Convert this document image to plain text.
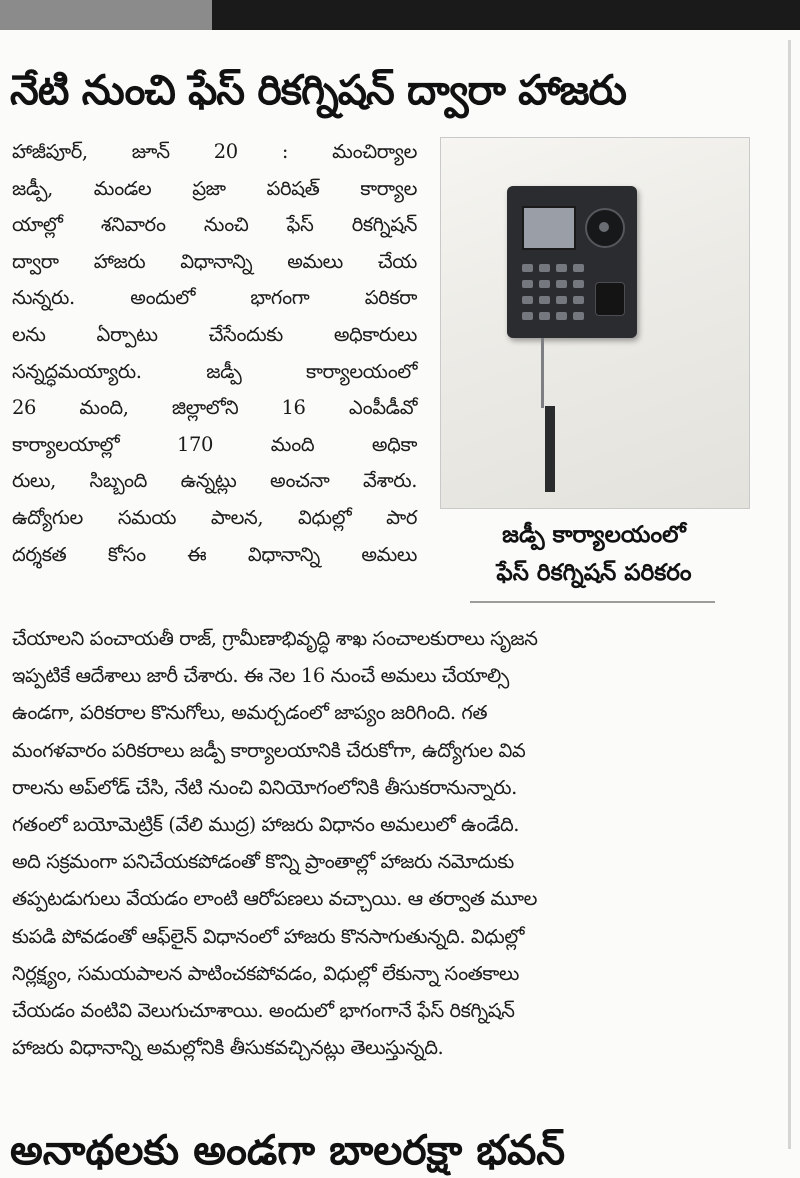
నేటి నుంచి ఫేస్ రికగ్నిషన్ ద్వారా హాజరు
హాజీపూర్, జూన్ 20 : మంచిర్యాల
జడ్పీ, మండల ప్రజా పరిషత్ కార్యాల
యాల్లో శనివారం నుంచి ఫేస్ రికగ్నిషన్
ద్వారా హాజరు విధానాన్ని అమలు చేయ
నున్నరు. అందులో భాగంగా పరికరా
లను ఏర్పాటు చేసేందుకు అధికారులు
సన్నద్ధమయ్యారు. జడ్పీ కార్యాలయంలో
26 మంది, జిల్లాలోని 16 ఎంపీడీవో
కార్యాలయాల్లో 170 మంది అధికా
రులు, సిబ్బంది ఉన్నట్లు అంచనా వేశారు.
ఉద్యోగుల సమయ పాలన, విధుల్లో పార
దర్శకత కోసం ఈ విధానాన్ని అమలు
జడ్పీ కార్యాలయంలో
ఫేస్ రికగ్నిషన్ పరికరం
చేయాలని పంచాయతీ రాజ్, గ్రామీణాభివృద్ధి శాఖ సంచాలకురాలు సృజన
ఇప్పటికే ఆదేశాలు జారీ చేశారు. ఈ నెల 16 నుంచే అమలు చేయాల్సి
ఉండగా, పరికరాల కొనుగోలు, అమర్చడంలో జాప్యం జరిగింది. గత
మంగళవారం పరికరాలు జడ్పీ కార్యాలయానికి చేరుకోగా, ఉద్యోగుల వివ
రాలను అప్‌లోడ్ చేసి, నేటి నుంచి వినియోగంలోనికి తీసుకరానున్నారు.
గతంలో బయోమెట్రిక్ (వేలి ముద్ర) హాజరు విధానం అమలులో ఉండేది.
అది సక్రమంగా పనిచేయకపోడంతో కొన్ని ప్రాంతాల్లో హాజరు నమోదుకు
తప్పటడుగులు వేయడం లాంటి ఆరోపణలు వచ్చాయి. ఆ తర్వాత మూల
కుపడి పోవడంతో ఆఫ్‌లైన్ విధానంలో హాజరు కొనసాగుతున్నది. విధుల్లో
నిర్లక్ష్యం, సమయపాలన పాటించకపోవడం, విధుల్లో లేకున్నా సంతకాలు
చేయడం వంటివి వెలుగుచూశాయి. అందులో భాగంగానే ఫేస్ రికగ్నిషన్
హాజరు విధానాన్ని అమల్లోనికి తీసుకవచ్చినట్లు తెలుస్తున్నది.
అనాథలకు అండగా బాలరక్షా భవన్
